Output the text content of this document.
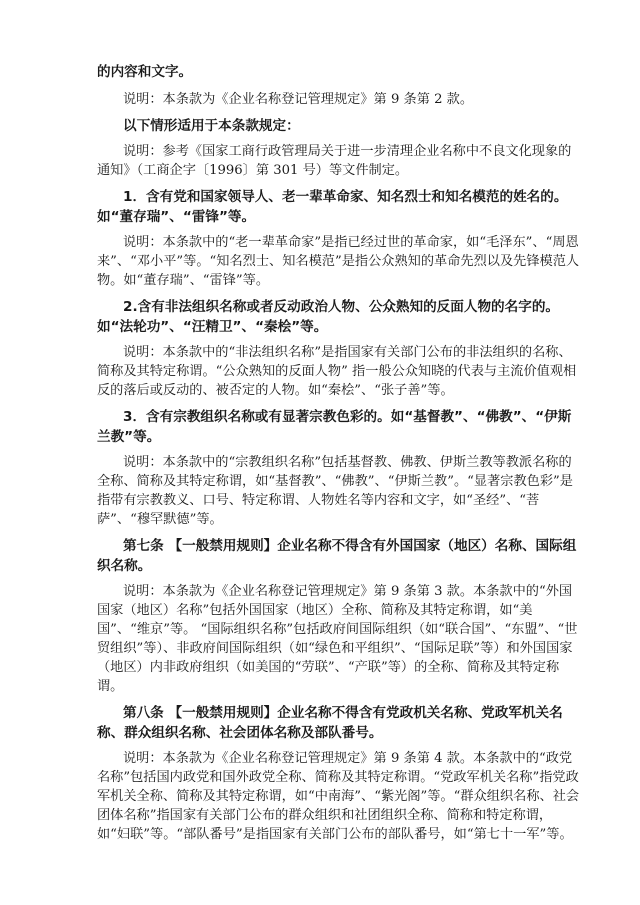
的内容和文字。

说明：本条款为《企业名称登记管理规定》第 9 条第 2 款。

以下情形适用于本条款规定：

说明：参考《国家工商行政管理局关于进一步清理企业名称中不良文化现象的通知》（工商企字〔1996〕第 301 号）等文件制定。

1．含有党和国家领导人、老一辈革命家、知名烈士和知名模范的姓名的。如“董存瑞”、“雷锋”等。

说明：本条款中的“老一辈革命家”是指已经过世的革命家，如“毛泽东”、“周恩来”、“邓小平”等。“知名烈士、知名模范”是指公众熟知的革命先烈以及先锋模范人物。如“董存瑞”、“雷锋”等。

2.含有非法组织名称或者反动政治人物、公众熟知的反面人物的名字的。如“法轮功”、“汪精卫”、“秦桧”等。

说明：本条款中的“非法组织名称”是指国家有关部门公布的非法组织的名称、简称及其特定称谓。“公众熟知的反面人物” 指一般公众知晓的代表与主流价值观相反的落后或反动的、被否定的人物。如“秦桧”、“张子善”等。

3．含有宗教组织名称或有显著宗教色彩的。如“基督教”、“佛教”、“伊斯兰教”等。

说明：本条款中的“宗教组织名称”包括基督教、佛教、伊斯兰教等教派名称的全称、简称及其特定称谓，如“基督教”、“佛教”、“伊斯兰教”。“显著宗教色彩”是指带有宗教教义、口号、特定称谓、人物姓名等内容和文字，如“圣经”、“菩萨”、“穆罕默德”等。

第七条 【一般禁用规则】企业名称不得含有外国国家（地区）名称、国际组织名称。

说明：本条款为《企业名称登记管理规定》第 9 条第 3 款。本条款中的“外国国家（地区）名称”包括外国国家（地区）全称、简称及其特定称谓，如“美国”、“维京”等。 “国际组织名称”包括政府间国际组织（如“联合国”、“东盟”、“世贸组织”等）、非政府间国际组织（如“绿色和平组织”、“国际足联”等）和外国国家（地区）内非政府组织（如美国的“劳联”、“产联”等）的全称、简称及其特定称谓。

第八条 【一般禁用规则】企业名称不得含有党政机关名称、党政军机关名称、群众组织名称、社会团体名称及部队番号。

说明：本条款为《企业名称登记管理规定》第 9 条第 4 款。本条款中的“政党名称”包括国内政党和国外政党全称、简称及其特定称谓。“党政军机关名称”指党政军机关全称、简称及其特定称谓，如“中南海”、“紫光阁”等。“群众组织名称、社会团体名称”指国家有关部门公布的群众组织和社团组织全称、简称和特定称谓，如“妇联”等。“部队番号”是指国家有关部门公布的部队番号，如“第七十一军”等。
